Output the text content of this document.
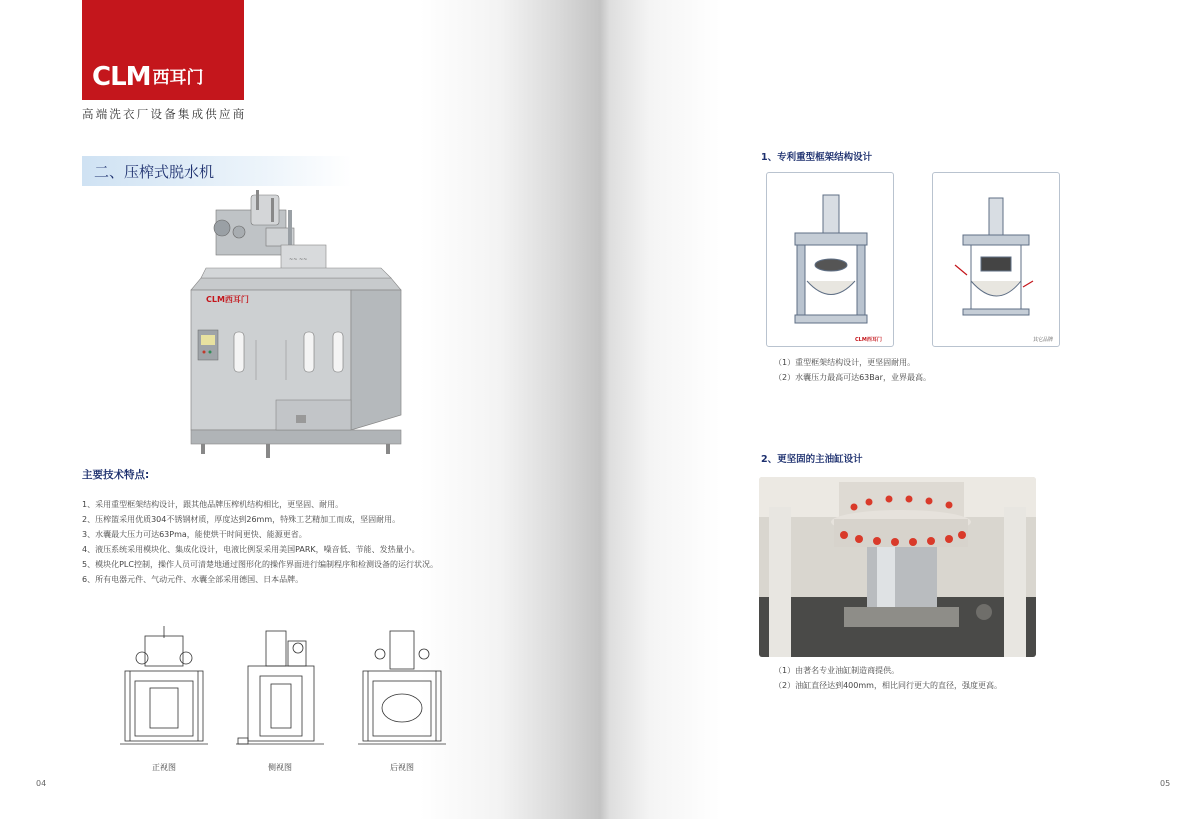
CLM 西耳门
高端洗衣厂设备集成供应商
二、压榨式脱水机
~~ ~~
CLM西耳门
主要技术特点:
1、采用重型框架结构设计，跟其他品牌压榨机结构相比，更坚固、耐用。
2、压榨篮采用优质304不锈钢材质，厚度达到26mm，特殊工艺精加工而成，坚固耐用。
3、水囊最大压力可达63Pma，能使烘干时间更快、能源更省。
4、液压系统采用模块化、集成化设计，电液比例泵采用美国PARK，噪音低、节能、发热量小。
5、模块化PLC控制，操作人员可清楚地通过图形化的操作界面进行编制程序和检测设备的运行状况。
6、所有电器元件、气动元件、水囊全部采用德国、日本品牌。
正视图	侧视图	后视图
04
1、专利重型框架结构设计
CLM西耳门	其它品牌
（1）重型框架结构设计，更坚固耐用。
（2）水囊压力最高可达63Bar，业界最高。
2、更坚固的主油缸设计
（1）由著名专业油缸制造商提供。
（2）油缸直径达到400mm，相比同行更大的直径，强度更高。
05
